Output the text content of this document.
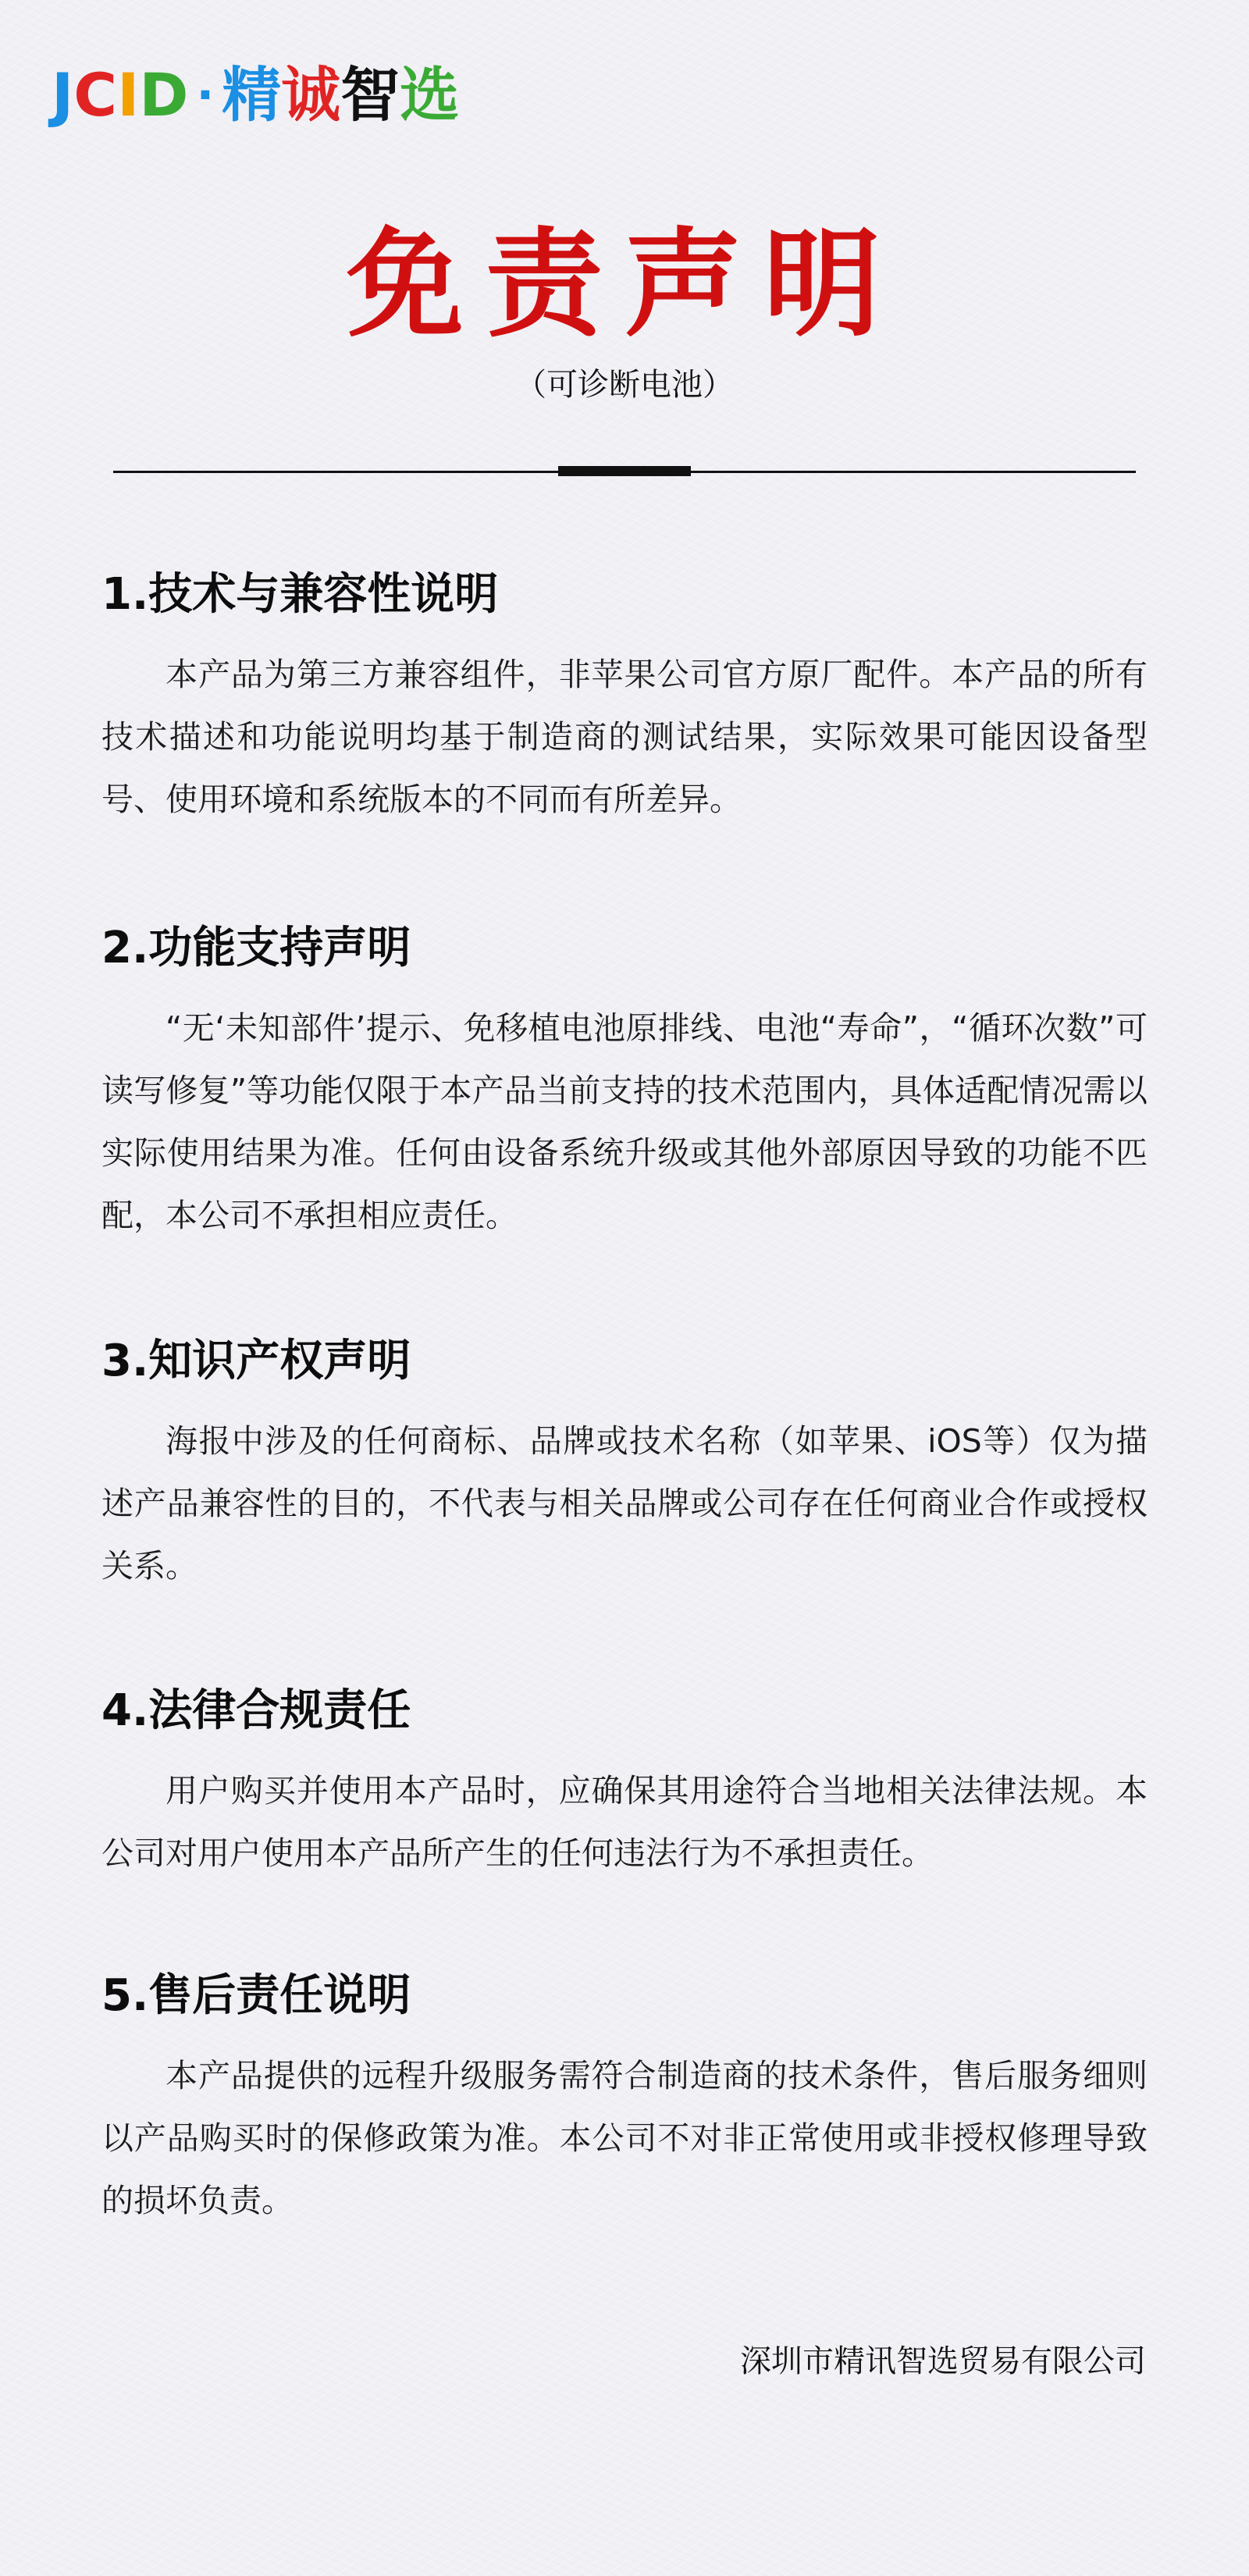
J C I D · 精 诚 智 选
免责声明
（可诊断电池）
1.技术与兼容性说明

本产品为第三方兼容组件，非苹果公司官方原厂配件。本产品的所有技术描述和功能说明均基于制造商的测试结果，实际效果可能因设备型号、使用环境和系统版本的不同而有所差异。

2.功能支持声明

“无‘未知部件’提示、免移植电池原排线、电池“寿命”，“循环次数”可读写修复”等功能仅限于本产品当前支持的技术范围内，具体适配情况需以实际使用结果为准。任何由设备系统升级或其他外部原因导致的功能不匹配，本公司不承担相应责任。

3.知识产权声明

海报中涉及的任何商标、品牌或技术名称（如苹果、iOS等）仅为描述产品兼容性的目的，不代表与相关品牌或公司存在任何商业合作或授权关系。

4.法律合规责任

用户购买并使用本产品时，应确保其用途符合当地相关法律法规。本公司对用户使用本产品所产生的任何违法行为不承担责任。

5.售后责任说明

本产品提供的远程升级服务需符合制造商的技术条件，售后服务细则以产品购买时的保修政策为准。本公司不对非正常使用或非授权修理导致的损坏负责。

深圳市精讯智选贸易有限公司
